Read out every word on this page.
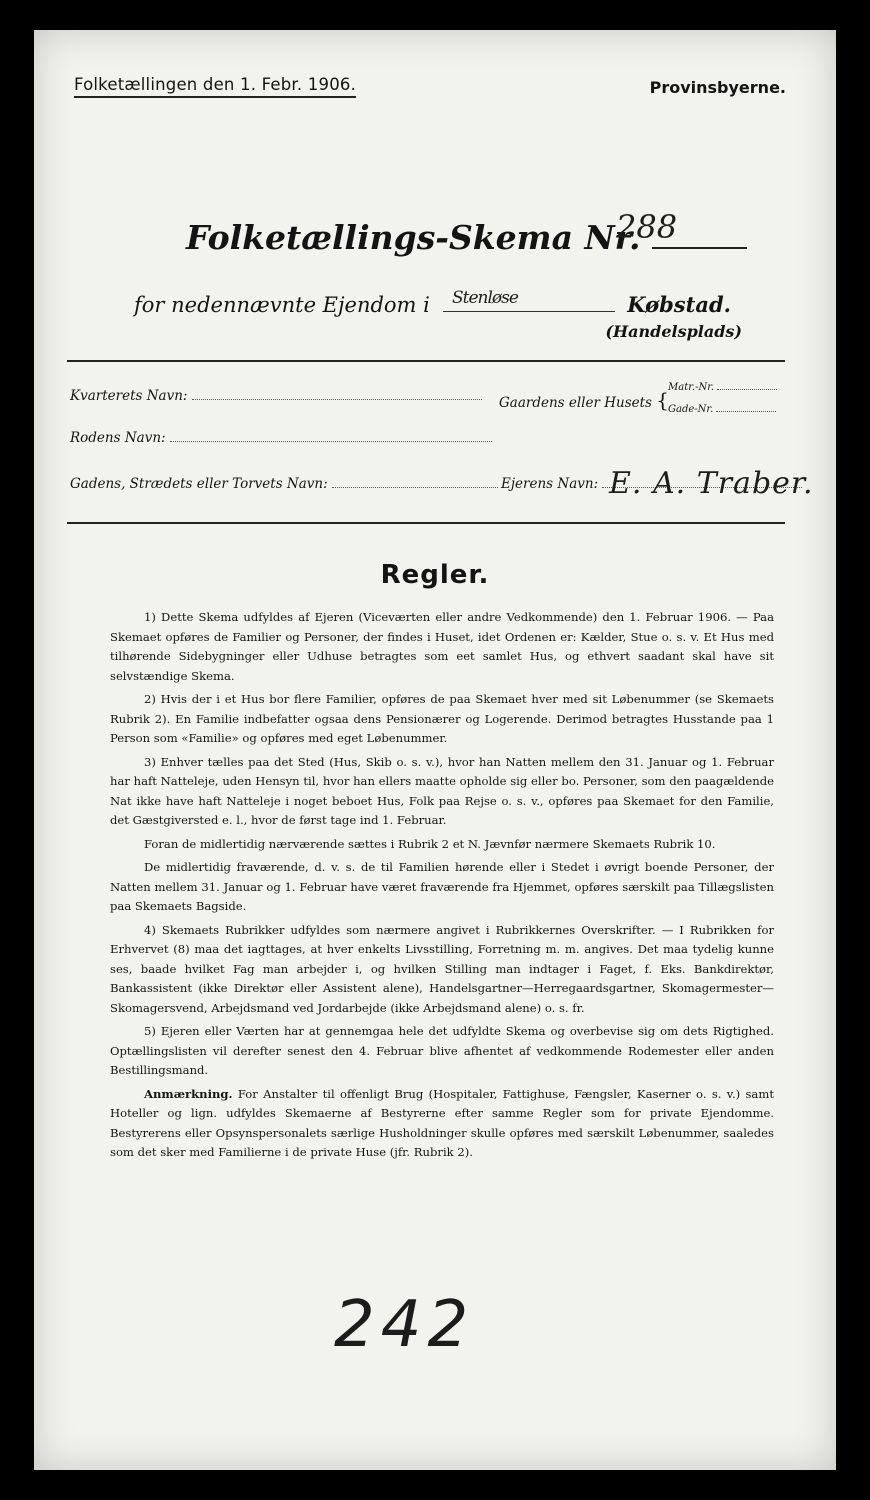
Folketællingen den 1. Febr. 1906.	Provinsbyerne.
Folketællings-Skema Nr.
288
for nedennævnte Ejendom i	Købstad.
Stenløse
(Handelsplads)
Kvarterets Navn:	Gaardens eller Husets {
Matr.-Nr.
Gade-Nr.
Rodens Navn:
Gadens, Strædets eller Torvets Navn:	Ejerens Navn: E. A. Traber.
Regler.

1) Dette Skema udfyldes af Ejeren (Viceværten eller andre Vedkommende) den 1. Februar 1906. — Paa Skemaet opføres de Familier og Personer, der findes i Huset, idet Ordenen er: Kælder, Stue o. s. v. Et Hus med tilhørende Sidebygninger eller Udhuse betragtes som eet samlet Hus, og ethvert saadant skal have sit selvstændige Skema.

2) Hvis der i et Hus bor flere Familier, opføres de paa Skemaet hver med sit Løbenummer (se Skemaets Rubrik 2). En Familie indbefatter ogsaa dens Pensionærer og Logerende. Derimod betragtes Husstande paa 1 Person som «Familie» og opføres med eget Løbenummer.

3) Enhver tælles paa det Sted (Hus, Skib o. s. v.), hvor han Natten mellem den 31. Januar og 1. Februar har haft Natteleje, uden Hensyn til, hvor han ellers maatte opholde sig eller bo. Personer, som den paagældende Nat ikke have haft Natteleje i noget beboet Hus, Folk paa Rejse o. s. v., opføres paa Skemaet for den Familie, det Gæstgiversted e. l., hvor de først tage ind 1. Februar.

Foran de midlertidig nærværende sættes i Rubrik 2 et N. Jævnfør nærmere Skemaets Rubrik 10.

De midlertidig fraværende, d. v. s. de til Familien hørende eller i Stedet i øvrigt boende Personer, der Natten mellem 31. Januar og 1. Februar have været fraværende fra Hjemmet, opføres særskilt paa Tillægslisten paa Skemaets Bagside.

4) Skemaets Rubrikker udfyldes som nærmere angivet i Rubrikkernes Overskrifter. — I Rubrikken for Erhvervet (8) maa det iagttages, at hver enkelts Livsstilling, Forretning m. m. angives. Det maa tydelig kunne ses, baade hvilket Fag man arbejder i, og hvilken Stilling man indtager i Faget, f. Eks. Bankdirektør, Bankassistent (ikke Direktør eller Assistent alene), Handelsgartner—Herregaardsgartner, Skomagermester—Skomagersvend, Arbejdsmand ved Jordarbejde (ikke Arbejdsmand alene) o. s. fr.

5) Ejeren eller Værten har at gennemgaa hele det udfyldte Skema og overbevise sig om dets Rigtighed. Optællingslisten vil derefter senest den 4. Februar blive afhentet af vedkommende Rodemester eller anden Bestillingsmand.

Anmærkning. For Anstalter til offenligt Brug (Hospitaler, Fattighuse, Fængsler, Kaserner o. s. v.) samt Hoteller og lign. udfyldes Skemaerne af Bestyrerne efter samme Regler som for private Ejendomme. Bestyrerens eller Opsynspersonalets særlige Husholdninger skulle opføres med særskilt Løbenummer, saaledes som det sker med Familierne i de private Huse (jfr. Rubrik 2).

242
